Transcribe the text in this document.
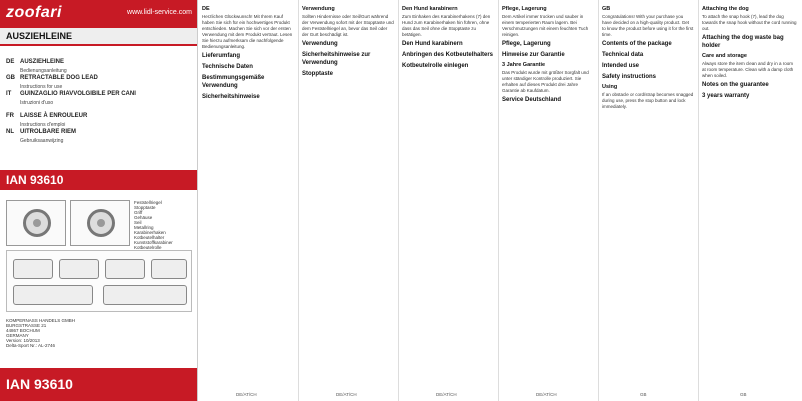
zoofari	www.lidl-service.com
AUSZIEHLEINE
DE AUSZIEHLEINE
Bedienungsanleitung
GB RETRACTABLE DOG LEAD
Instructions for use
IT GUINZAGLIO RIAVVOLGIBILE PER CANI
Istruzioni d'uso
FR LAISSE À ENROULEUR
Instructions d'emploi
NL UITROLBARE RIEM
Gebruiksaanwijzing
IAN 93610
Feststellriegel
Stopptaste
Griff
Gehäuse
Seil
Metallring
Karabinerhaken
Kotbeutelhalter
Kunststoffkarabiner
Kotbeutelrolle
KOMPERNASS HANDELS GMBH
BURGSTRASSE 21
44867 BOCHUM
GERMANY
Version: 10/2013
Delta-Sport Nr.: AL-2746
IAN 93610
DE

Herzlichen Glückwunsch! Mit Ihrem Kauf haben Sie sich für ein hochwertiges Produkt entschieden. Machen Sie sich vor der ersten Verwendung mit dem Produkt vertraut. Lesen Sie hierzu aufmerksam die nachfolgende Bedienungsanleitung.

Lieferumfang
Technische Daten
Bestimmungsgemäße Verwendung
Sicherheitshinweise
Verwendung

Sollten Hindernisse oder Seil/Gurt während der Verwendung sofort mit der Stopptaste und dem Feststellriegel an, bevor das Seil oder der Gurt beschädigt ist.

Verwendung
Sicherheitshinweise zur Verwendung
Stopptaste
Den Hund karabinern

Zum Einhaken des Karabinerhakens (7) den Hund zum Karabinerhaken hin führen, ohne dass das Seil ohne die Stopptaste zu betätigen.

Den Hund karabinern
Anbringen des Kotbeutelhalters
Kotbeutelrolle einlegen
Pflege, Lagerung

Dem Artikel immer trocken und sauber in einem temperierten Raum lagern. Bei Verschmutzungen mit einem feuchten Tuch reinigen.

Pflege, Lagerung
Hinweise zur Garantie
3 Jahre Garantie

Das Produkt wurde mit größter Sorgfalt und unter ständiger Kontrolle produziert. Sie erhalten auf dieses Produkt drei Jahre Garantie ab Kaufdatum.

Service Deutschland
GB

Congratulations! With your purchase you have decided on a high-quality product. Get to know the product before using it for the first time.

Contents of the package
Technical data
Intended use
Safety instructions
Using

If an obstacle or cord/strap becomes snagged during use, press the stop button and lock immediately.

Attaching the dog

To attach the snap hook (7), lead the dog towards the snap hook without the cord running out.

Attaching the dog waste bag holder
Care and storage

Always store the item clean and dry in a room at room temperature. Clean with a damp cloth when soiled.

Notes on the guarantee
3 years warranty
DE/AT/CH	DE/AT/CH	DE/AT/CH	DE/AT/CH	GB	GB
